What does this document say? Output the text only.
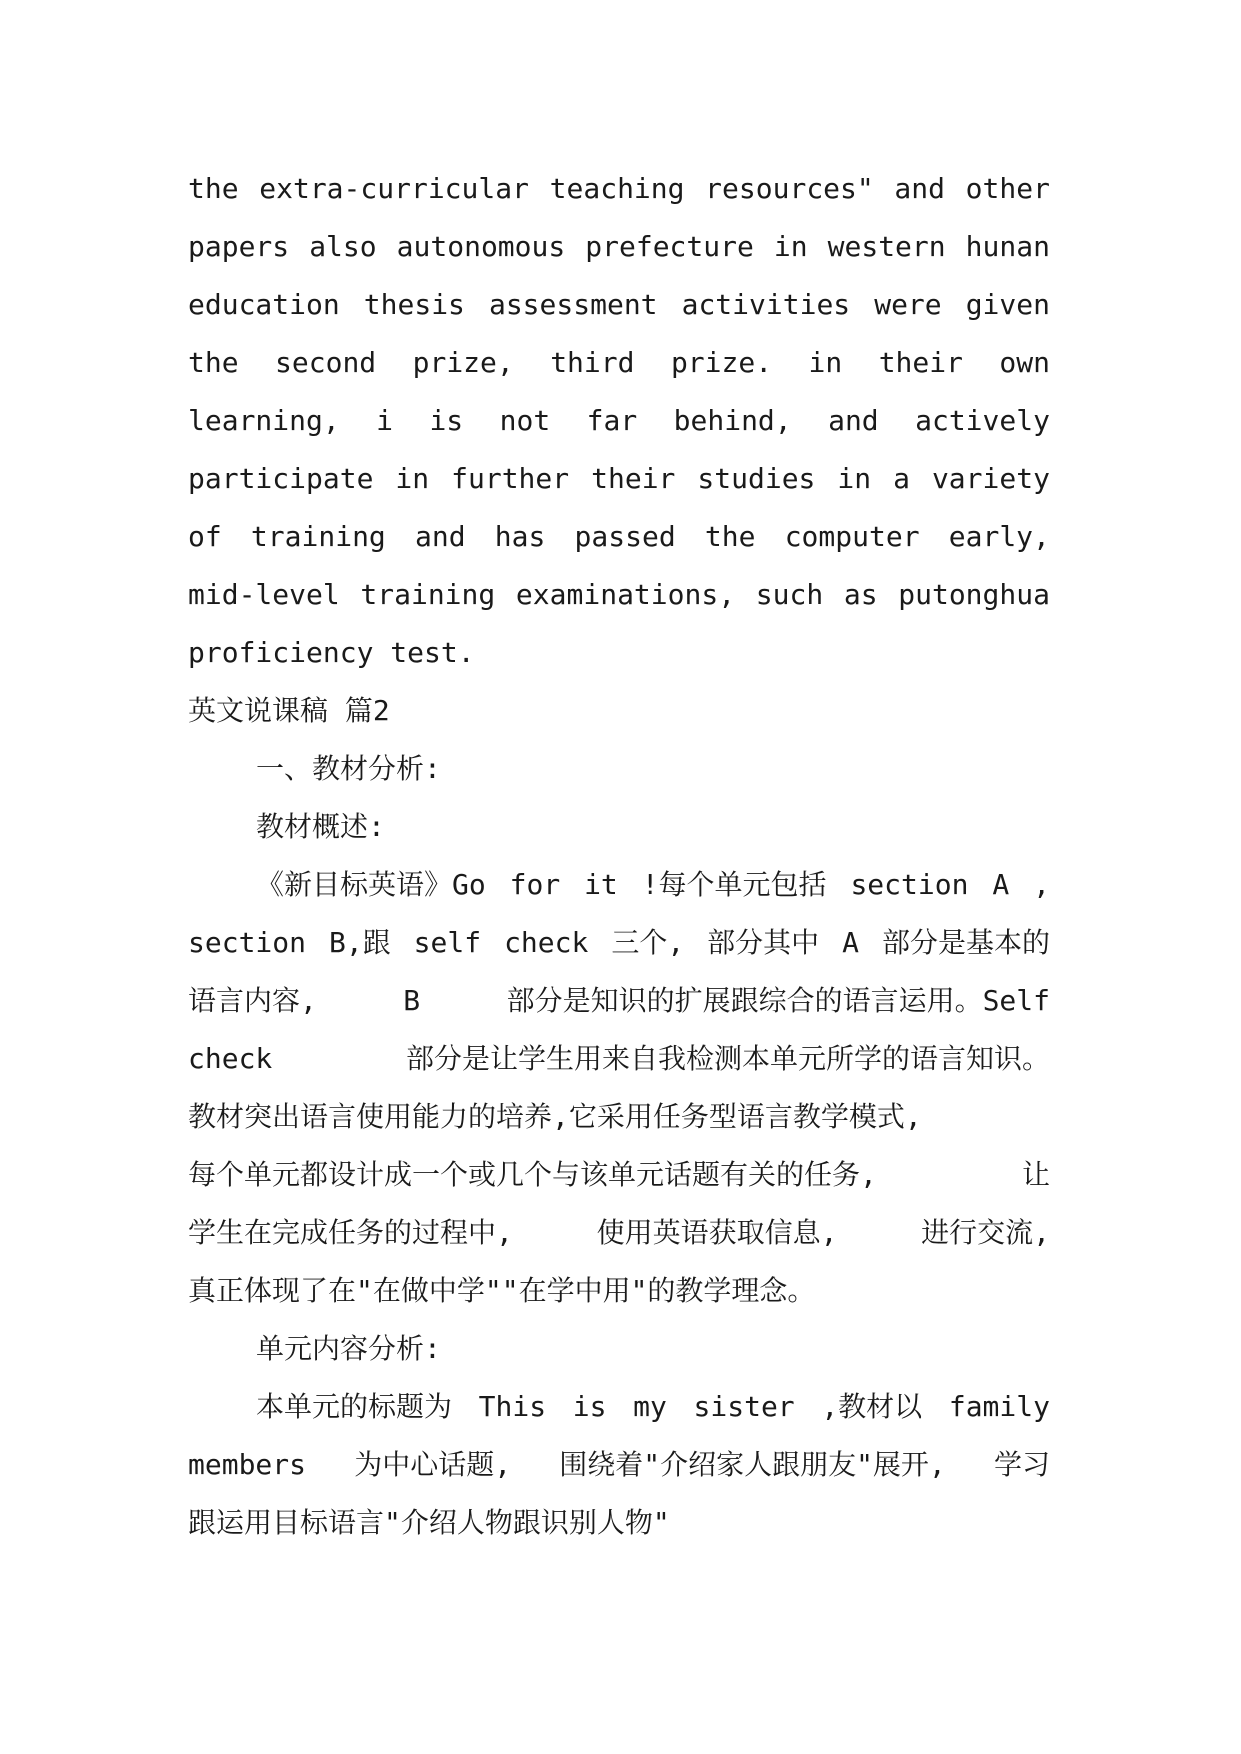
the extra-curricular teaching resources" and other
papers also autonomous prefecture in western hunan
education thesis assessment activities were given
the second prize, third prize. in their own
learning, i is not far behind, and actively
participate in further their studies in a variety
of training and has passed the computer early,
mid-level training examinations, such as putonghua
proficiency test.
英文说课稿 篇2
一、教材分析:
教材概述:
《新目标英语》Go for it !每个单元包括 section A ,
section B,跟 self check 三个, 部分其中 A 部分是基本的
语言内容,	B	部分是知识的扩展跟综合的语言运用。Self
check	部分是让学生用来自我检测本单元所学的语言知识。
教材突出语言使用能力的培养,它采用任务型语言教学模式,
每个单元都设计成一个或几个与该单元话题有关的任务,	让
学生在完成任务的过程中,	使用英语获取信息,	进行交流,
真正体现了在"在做中学""在学中用"的教学理念。
单元内容分析:
本单元的标题为 This is my sister ,教材以 family
members 为中心话题, 围绕着"介绍家人跟朋友"展开, 学习
跟运用目标语言"介绍人物跟识别人物"
